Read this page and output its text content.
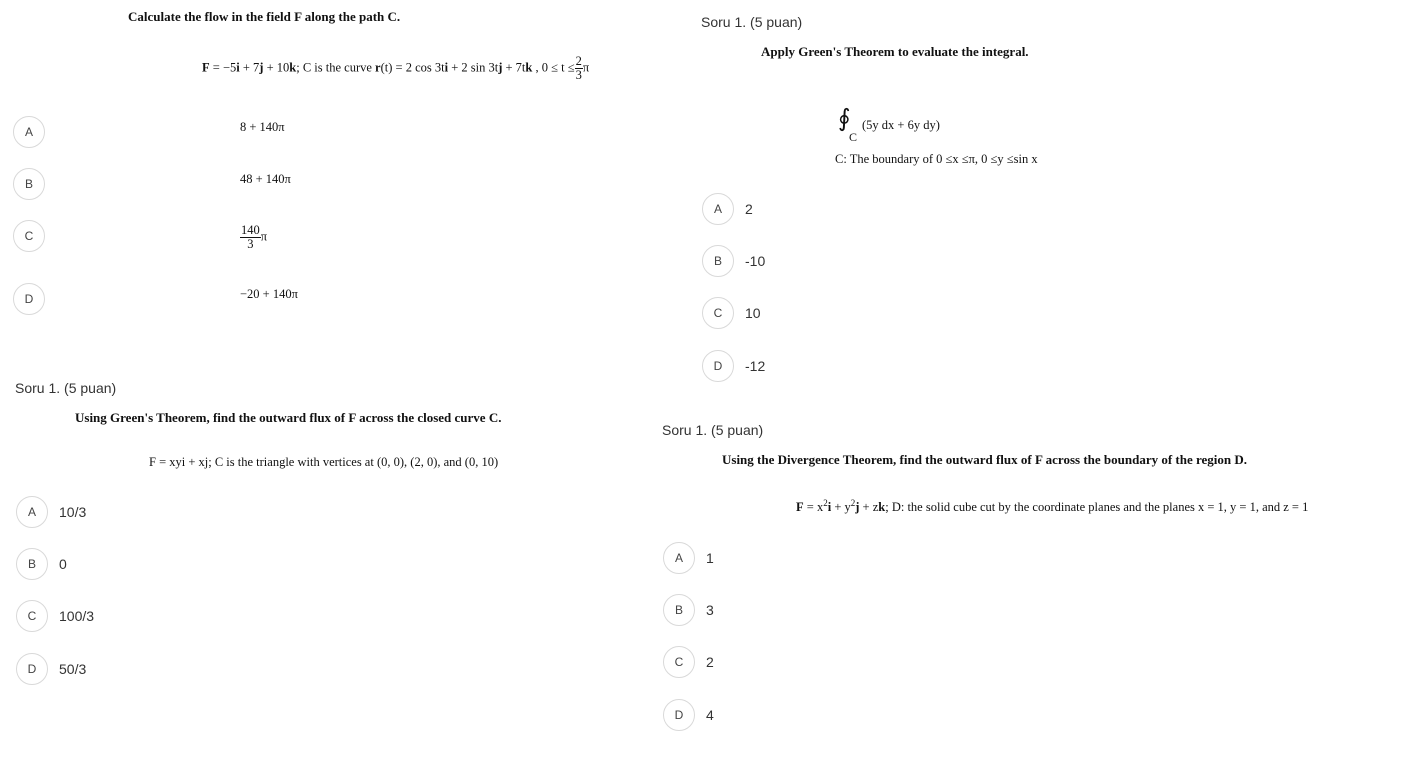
Calculate the flow in the field F along the path C.
F = −5i + 7j + 10k; C is the curve r(t) = 2 cos 3ti + 2 sin 3tj + 7tk , $0 \le t \le \frac{2}{3}$ π
A	8 + 140π
B	48 + 140π
C	$\frac{140}{3}$ π
D	−20 + 140π
Soru 1. (5 puan)
Apply Green's Theorem to evaluate the integral.
∮
C
(5y dx + 6y dy)
C: The boundary of 0 ≤x ≤π, 0 ≤y ≤sin x
A	2
B	-10
C	10
D	-12
Soru 1. (5 puan)
Using Green's Theorem, find the outward flux of F across the closed curve C.
F = xyi + xj; C is the triangle with vertices at (0, 0), (2, 0), and (0, 10)
A	10/3
B	0
C	100/3
D	50/3
Soru 1. (5 puan)
Using the Divergence Theorem, find the outward flux of F across the boundary of the region D.
$F = x^2i + y^2j$ + zk; D: the solid cube cut by the coordinate planes and the planes x = 1, y = 1, and z = 1
A	1
B	3
C	2
D	4
